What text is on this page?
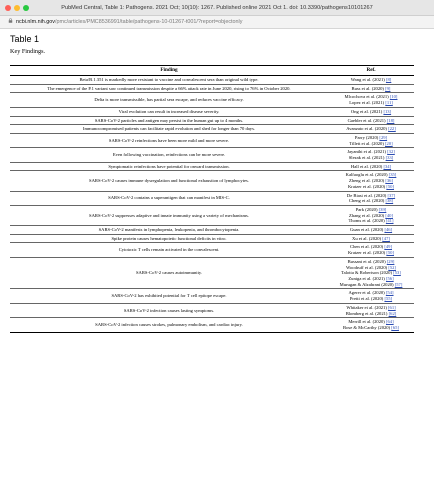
PubMed Central, Table 1: Pathogens. 2021 Oct; 10(10): 1267. Published online 2021 Oct 1. doi: 10.3390/pathogens10101267
ncbi.nlm.nih.gov/pmc/articles/PMC8536991/table/pathogens-10-01267-t001/?report=objectonly
Table 1
Key Findings.
Finding	Ref.
Beta/B.1.351 is markedly more resistant to vaccine and convalescent sera than original wild type.	Wang et al. (2021) [8]

The emergence of the P.1 variant saw continued transmission despite a 66% attack rate in June 2020, rising to 76% in October 2020.	Buss et al. (2020) [9]

Delta is more transmissible, has partial sera escape, and reduces vaccine efficacy.	Mlcochova et al. (2021) [10]
Lopez et al. (2021) [11]

Viral evolution can result in increased disease severity.	Ong et al. (2021) [13]

SARS-CoV-2 particles and antigen may persist in the human gut up to 4 months.	Gaebler et al. (2021) [18]

Immunocompromised patients can facilitate rapid evolution and shed for longer than 70 days.	Avanzato et al. (2020) [22]

SARS-CoV-2 reinfections have been more mild and more severe.	Parry (2020) [29]
Tillett et al. (2020) [20]

Even following vaccination, reinfections can be more severe.	Jayanthi et al. (2021) [32]
Slezak et al. (2021) [33]

Symptomatic reinfections have potential for onward transmission.	Hall et al. (2020) [34]

SARS-CoV-2 causes immune dysregulation and functional exhaustion of lymphocytes.	Kalfaoglu et al. (2020) [35]
Zheng et al. (2020) [36]
Kratzer et al. (2020) [50]

SARS-CoV-2 contains a superantigen that can manifest in MIS-C.	De Biasi et al. (2020) [37]
Cheng et al. (2020) [38]

SARS-CoV-2 suppresses adaptive and innate immunity using a variety of mechanisms.	Park (2020) [39]
Zhang et al. (2020) [40]
Thoms et al. (2020) [41]

SARS-CoV-2 manifests in lymphopenia, leukopenia, and thrombocytopenia.	Guan et al. (2020) [46]

Spike protein causes hematopoietic functional deficits in vitro.	Xu et al. (2020) [47]

Cytotoxic T cells remain activated in the convalescent.	Chen et al. (2020) [49]
Kratzer et al. (2020) [50]

SARS-CoV-2 causes autoimmunity.	Bussani et al. (2020) [29]
Woodruff et al. (2020) [52]
Talotta & Robertson (2020) [53]
Zuniga et al. (2021) [56]
Murugan & Alzahrani (2020) [57]

SARS-CoV-2 has exhibited potential for T cell epitope escape.	Agerer et al. (2020) [54]
Pretti et al. (2020) [55]

SARS-CoV-2 infection causes lasting symptoms.	Whitaker et al. (2021) [61]
Blomberg et al. (2021) [62]

SARS-CoV-2 infection causes strokes, pulmonary embolism, and cardiac injury.	Merrill et al. (2020) [64]
Bose & McCarthy (2020) [65]
